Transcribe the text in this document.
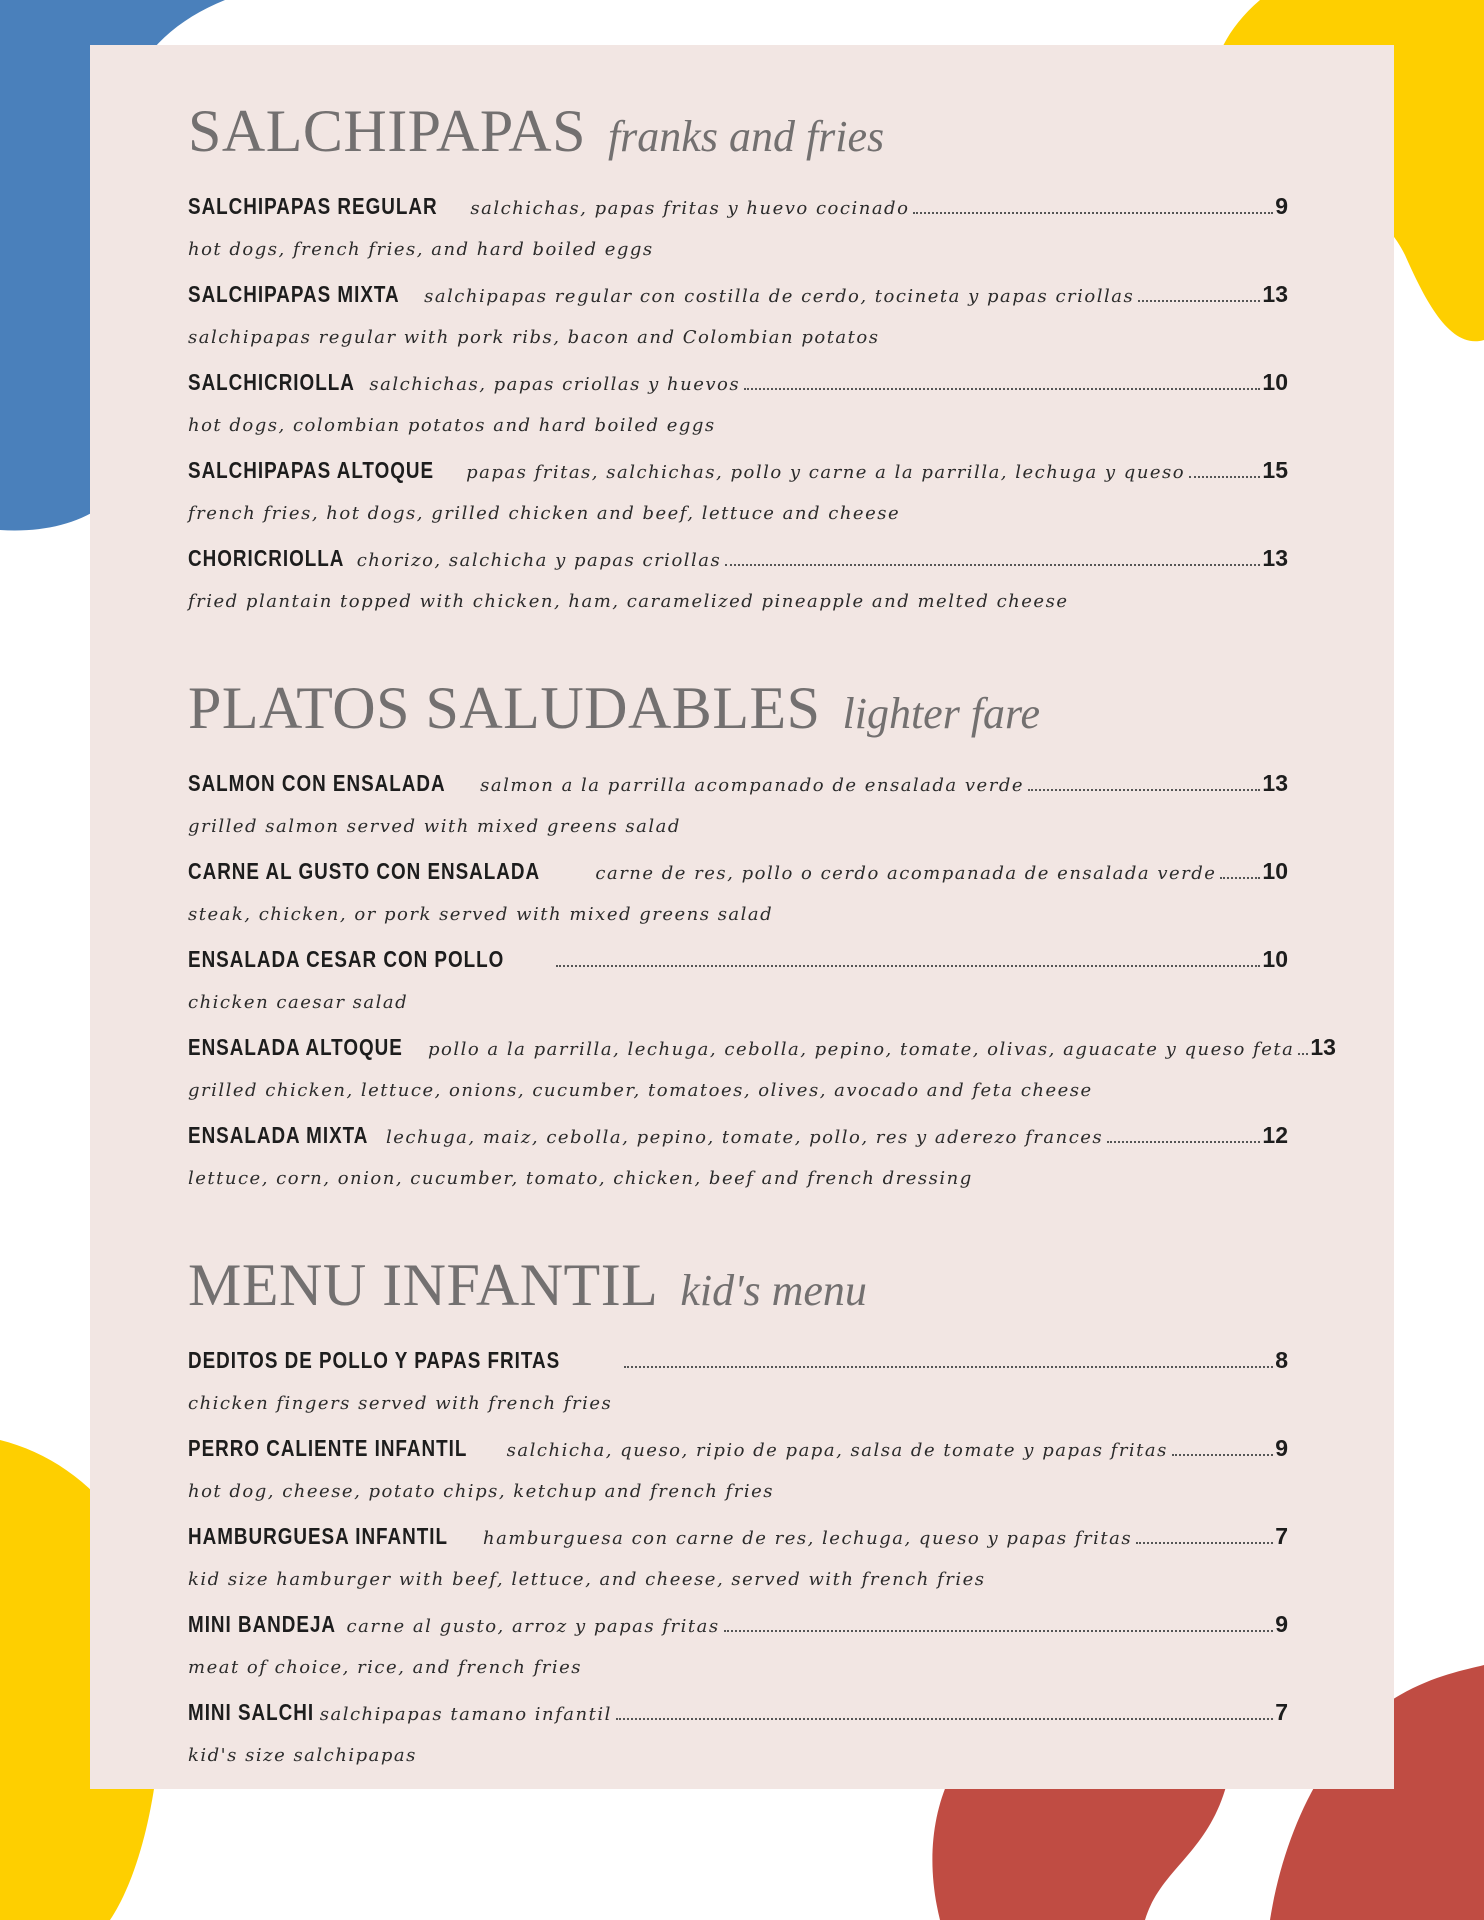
SALCHIPAPAS franks and fries
SALCHIPAPAS REGULAR salchichas, papas fritas y huevo cocinado	9
hot dogs, french fries, and hard boiled eggs
SALCHIPAPAS MIXTA salchipapas regular con costilla de cerdo, tocineta y papas criollas	13
salchipapas regular with pork ribs, bacon and Colombian potatos
SALCHICRIOLLA salchichas, papas criollas y huevos	10
hot dogs, colombian potatos and hard boiled eggs
SALCHIPAPAS ALTOQUE papas fritas, salchichas, pollo y carne a la parrilla, lechuga y queso	15
french fries, hot dogs, grilled chicken and beef, lettuce and cheese
CHORICRIOLLA chorizo, salchicha y papas criollas	13
fried plantain topped with chicken, ham, caramelized pineapple and melted cheese
PLATOS SALUDABLES lighter fare
SALMON CON ENSALADA salmon a la parrilla acompanado de ensalada verde	13
grilled salmon served with mixed greens salad
CARNE AL GUSTO CON ENSALADA	carne de res, pollo o cerdo acompanada de ensalada verde 10
steak, chicken, or pork served with mixed greens salad
ENSALADA CESAR CON POLLO	10
chicken caesar salad
ENSALADA ALTOQUE pollo a la parrilla, lechuga, cebolla, pepino, tomate, olivas, aguacate y queso feta 13
grilled chicken, lettuce, onions, cucumber, tomatoes, olives, avocado and feta cheese
ENSALADA MIXTA lechuga, maiz, cebolla, pepino, tomate, pollo, res y aderezo frances	12
lettuce, corn, onion, cucumber, tomato, chicken, beef and french dressing
MENU INFANTIL kid's menu
DEDITOS DE POLLO Y PAPAS FRITAS	8
chicken fingers served with french fries
PERRO CALIENTE INFANTIL salchicha, queso, ripio de papa, salsa de tomate y papas fritas	9
hot dog, cheese, potato chips, ketchup and french fries
HAMBURGUESA INFANTIL hamburguesa con carne de res, lechuga, queso y papas fritas	7
kid size hamburger with beef, lettuce, and cheese, served with french fries
MINI BANDEJA carne al gusto, arroz y papas fritas	9
meat of choice, rice, and french fries
MINI SALCHI salchipapas tamano infantil	7
kid's size salchipapas
